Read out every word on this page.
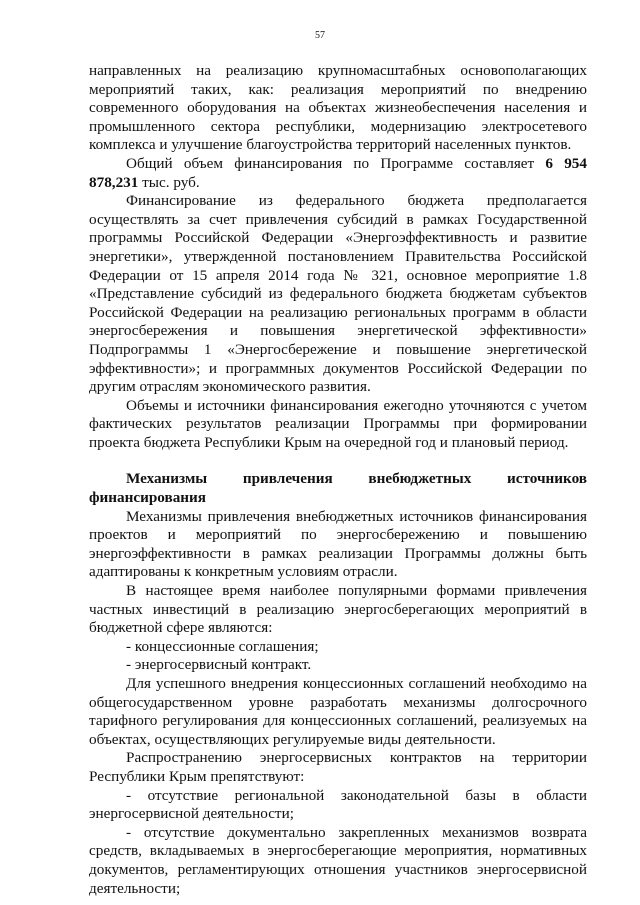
57

направленных на реализацию крупномасштабных основополагающих мероприятий таких, как: реализация мероприятий по внедрению современного оборудования на объектах жизнеобеспечения населения и промышленного сектора республики, модернизацию электросетевого комплекса и улучшение благоустройства территорий населенных пунктов.

Общий объем финансирования по Программе составляет 6 954 878,231 тыс. руб.

Финансирование из федерального бюджета предполагается осуществлять за счет привлечения субсидий в рамках Государственной программы Российской Федерации «Энергоэффективность и развитие энергетики», утвержденной постановлением Правительства Российской Федерации от 15 апреля 2014 года № 321, основное мероприятие 1.8 «Представление субсидий из федерального бюджета бюджетам субъектов Российской Федерации на реализацию региональных программ в области энергосбережения и повышения энергетической эффективности» Подпрограммы 1 «Энергосбережение и повышение энергетической эффективности»; и программных документов Российской Федерации по другим отраслям экономического развития.

Объемы и источники финансирования ежегодно уточняются с учетом фактических результатов реализации Программы при формировании проекта бюджета Республики Крым на очередной год и плановый период.

Механизмы привлечения внебюджетных источников

финансирования

Механизмы привлечения внебюджетных источников финансирования проектов и мероприятий по энергосбережению и повышению энергоэффективности в рамках реализации Программы должны быть адаптированы к конкретным условиям отрасли.

В настоящее время наиболее популярными формами привлечения частных инвестиций в реализацию энергосберегающих мероприятий в бюджетной сфере являются:

- концессионные соглашения;

- энергосервисный контракт.

Для успешного внедрения концессионных соглашений необходимо на общегосударственном уровне разработать механизмы долгосрочного тарифного регулирования для концессионных соглашений, реализуемых на объектах, осуществляющих регулируемые виды деятельности.

Распространению энергосервисных контрактов на территории Республики Крым препятствуют:

- отсутствие региональной законодательной базы в области энергосервисной деятельности;

- отсутствие документально закрепленных механизмов возврата средств, вкладываемых в энергосберегающие мероприятия, нормативных документов, регламентирующих отношения участников энергосервисной деятельности;
